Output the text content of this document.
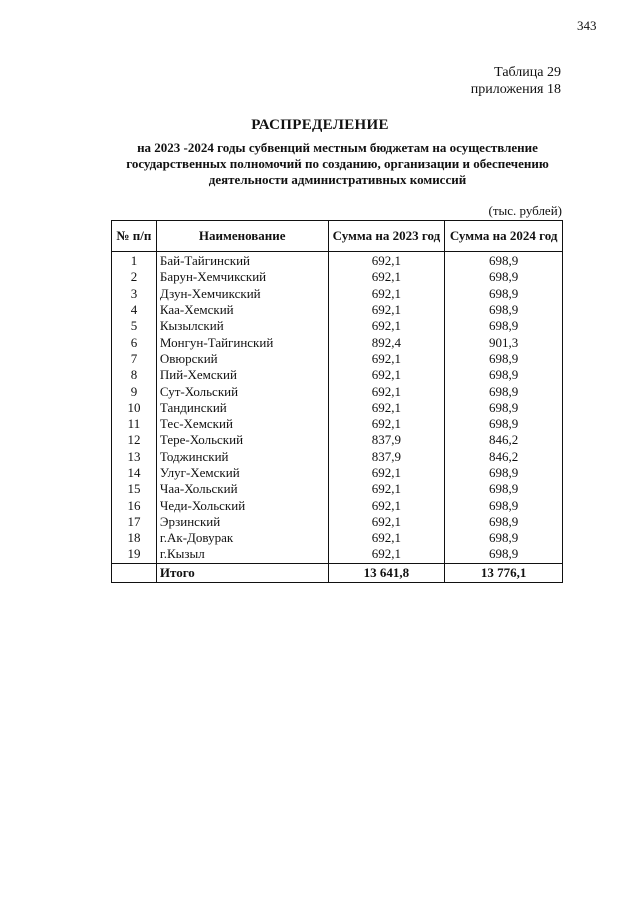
343
Таблица 29
приложения 18
РАСПРЕДЕЛЕНИЕ
на 2023 -2024 годы субвенций местным бюджетам на осуществление государственных полномочий по созданию, организации и обеспечению деятельности административных комиссий
(тыс. рублей)
№ п/п	Наименование	Сумма на 2023 год	Сумма на 2024 год
1	Бай-Тайгинский	692,1	698,9
2	Барун-Хемчикский	692,1	698,9
3	Дзун-Хемчикский	692,1	698,9
4	Каа-Хемский	692,1	698,9
5	Кызылский	692,1	698,9
6	Монгун-Тайгинский	892,4	901,3
7	Овюрский	692,1	698,9
8	Пий-Хемский	692,1	698,9
9	Сут-Хольский	692,1	698,9
10	Тандинский	692,1	698,9
11	Тес-Хемский	692,1	698,9
12	Тере-Хольский	837,9	846,2
13	Тоджинский	837,9	846,2
14	Улуг-Хемский	692,1	698,9
15	Чаа-Хольский	692,1	698,9
16	Чеди-Хольский	692,1	698,9
17	Эрзинский	692,1	698,9
18	г.Ак-Довурак	692,1	698,9
19	г.Кызыл	692,1	698,9
	Итого	13 641,8	13 776,1
